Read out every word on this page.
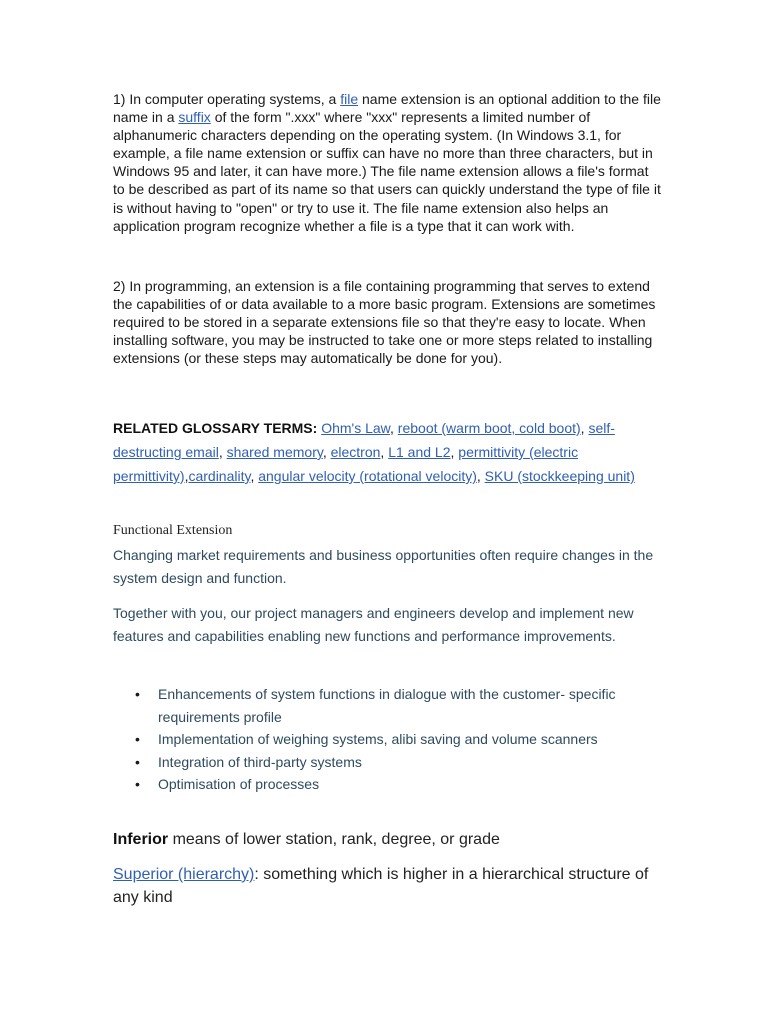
1) In computer operating systems, a file name extension is an optional addition to the file name in a suffix of the form ".xxx" where "xxx" represents a limited number of alphanumeric characters depending on the operating system. (In Windows 3.1, for example, a file name extension or suffix can have no more than three characters, but in Windows 95 and later, it can have more.) The file name extension allows a file's format to be described as part of its name so that users can quickly understand the type of file it is without having to "open" or try to use it. The file name extension also helps an application program recognize whether a file is a type that it can work with.
2) In programming, an extension is a file containing programming that serves to extend the capabilities of or data available to a more basic program. Extensions are sometimes required to be stored in a separate extensions file so that they're easy to locate. When installing software, you may be instructed to take one or more steps related to installing extensions (or these steps may automatically be done for you).
RELATED GLOSSARY TERMS: Ohm's Law, reboot (warm boot, cold boot), self-destructing email, shared memory, electron, L1 and L2, permittivity (electric permittivity),cardinality, angular velocity (rotational velocity), SKU (stockkeeping unit)
Functional Extension
Changing market requirements and business opportunities often require changes in the system design and function.
Together with you, our project managers and engineers develop and implement new features and capabilities enabling new functions and performance improvements.
• Enhancements of system functions in dialogue with the customer- specific requirements profile
• Implementation of weighing systems, alibi saving and volume scanners
• Integration of third-party systems
• Optimisation of processes
Inferior means of lower station, rank, degree, or grade
Superior (hierarchy): something which is higher in a hierarchical structure of any kind
